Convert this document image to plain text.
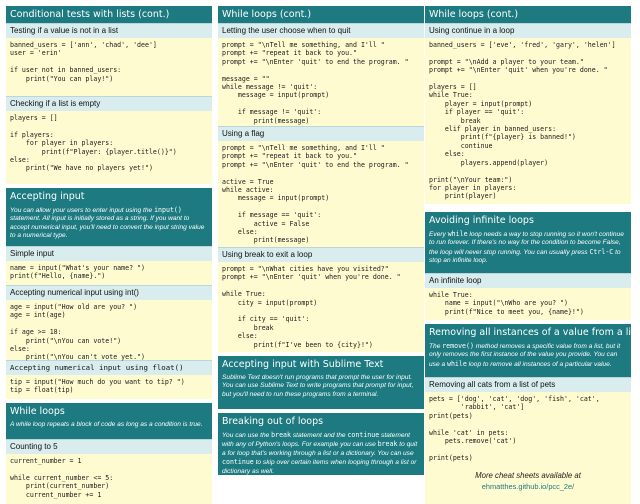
Conditional tests with lists (cont.)
Testing if a value is not in a list
banned_users = ['ann', 'chad', 'dee']
user = 'erin'

if user not in banned_users:
print("You can play!")
Checking if a list is empty
players = []

if players:
for player in players:
print(f"Player: {player.title()}")
else:
print("We have no players yet!")
Accepting input
You can allow your users to enter input using the input() statement. All input is initially stored as a string. If you want to accept numerical input, you'll need to convert the input string value to a numerical type.
Simple input
name = input("What's your name? ")
print(f"Hello, {name}.")
Accepting numerical input using int()
age = input("How old are you? ")
age = int(age)

if age >= 18:
print("\nYou can vote!")
else:
print("\nYou can't vote yet.")
Accepting numerical input using float()
tip = input("How much do you want to tip? ")
tip = float(tip)
While loops
A while loop repeats a block of code as long as a condition is true.
Counting to 5
current_number = 1

while current_number <= 5:
print(current_number)
current_number += 1
While loops (cont.)
Letting the user choose when to quit
prompt = "\nTell me something, and I'll "
prompt += "repeat it back to you."
prompt += "\nEnter 'quit' to end the program. "

message = ""
while message != 'quit':
message = input(prompt)

if message != 'quit':
print(message)
Using a flag
prompt = "\nTell me something, and I'll "
prompt += "repeat it back to you."
prompt += "\nEnter 'quit' to end the program. "

active = True
while active:
message = input(prompt)

if message == 'quit':
active = False
else:
print(message)
Using break to exit a loop
prompt = "\nWhat cities have you visited?"
prompt += "\nEnter 'quit' when you're done. "

while True:
city = input(prompt)

if city == 'quit':
break
else:
print(f"I've been to {city}!")
Accepting input with Sublime Text
Sublime Text doesn't run programs that prompt the user for input. You can use Sublime Text to write programs that prompt for input, but you'll need to run these programs from a terminal.
Breaking out of loops
You can use the break statement and the continue statement with any of Python's loops. For example you can use break to quit a for loop that's working through a list or a dictionary. You can use continue to skip over certain items when looping through a list or dictionary as well.
While loops (cont.)
Using continue in a loop
banned_users = ['eve', 'fred', 'gary', 'helen']

prompt = "\nAdd a player to your team."
prompt += "\nEnter 'quit' when you're done. "

players = []
while True:
player = input(prompt)
if player == 'quit':
break
elif player in banned_users:
print(f"{player} is banned!")
continue
else:
players.append(player)

print("\nYour team:")
for player in players:
print(player)
Avoiding infinite loops
Every while loop needs a way to stop running so it won't continue to run forever. If there's no way for the condition to become False, the loop will never stop running. You can usually press Ctrl-C to stop an infinite loop.
An infinite loop
while True:
name = input("\nWho are you? ")
print(f"Nice to meet you, {name}!")
Removing all instances of a value from a list
The remove() method removes a specific value from a list, but it only removes the first instance of the value you provide. You can use a while loop to remove all instances of a particular value.
Removing all cats from a list of pets
pets = ['dog', 'cat', 'dog', 'fish', 'cat',
'rabbit', 'cat']
print(pets)

while 'cat' in pets:
pets.remove('cat')

print(pets)
More cheat sheets available at
ehmatthes.github.io/pcc_2e/
